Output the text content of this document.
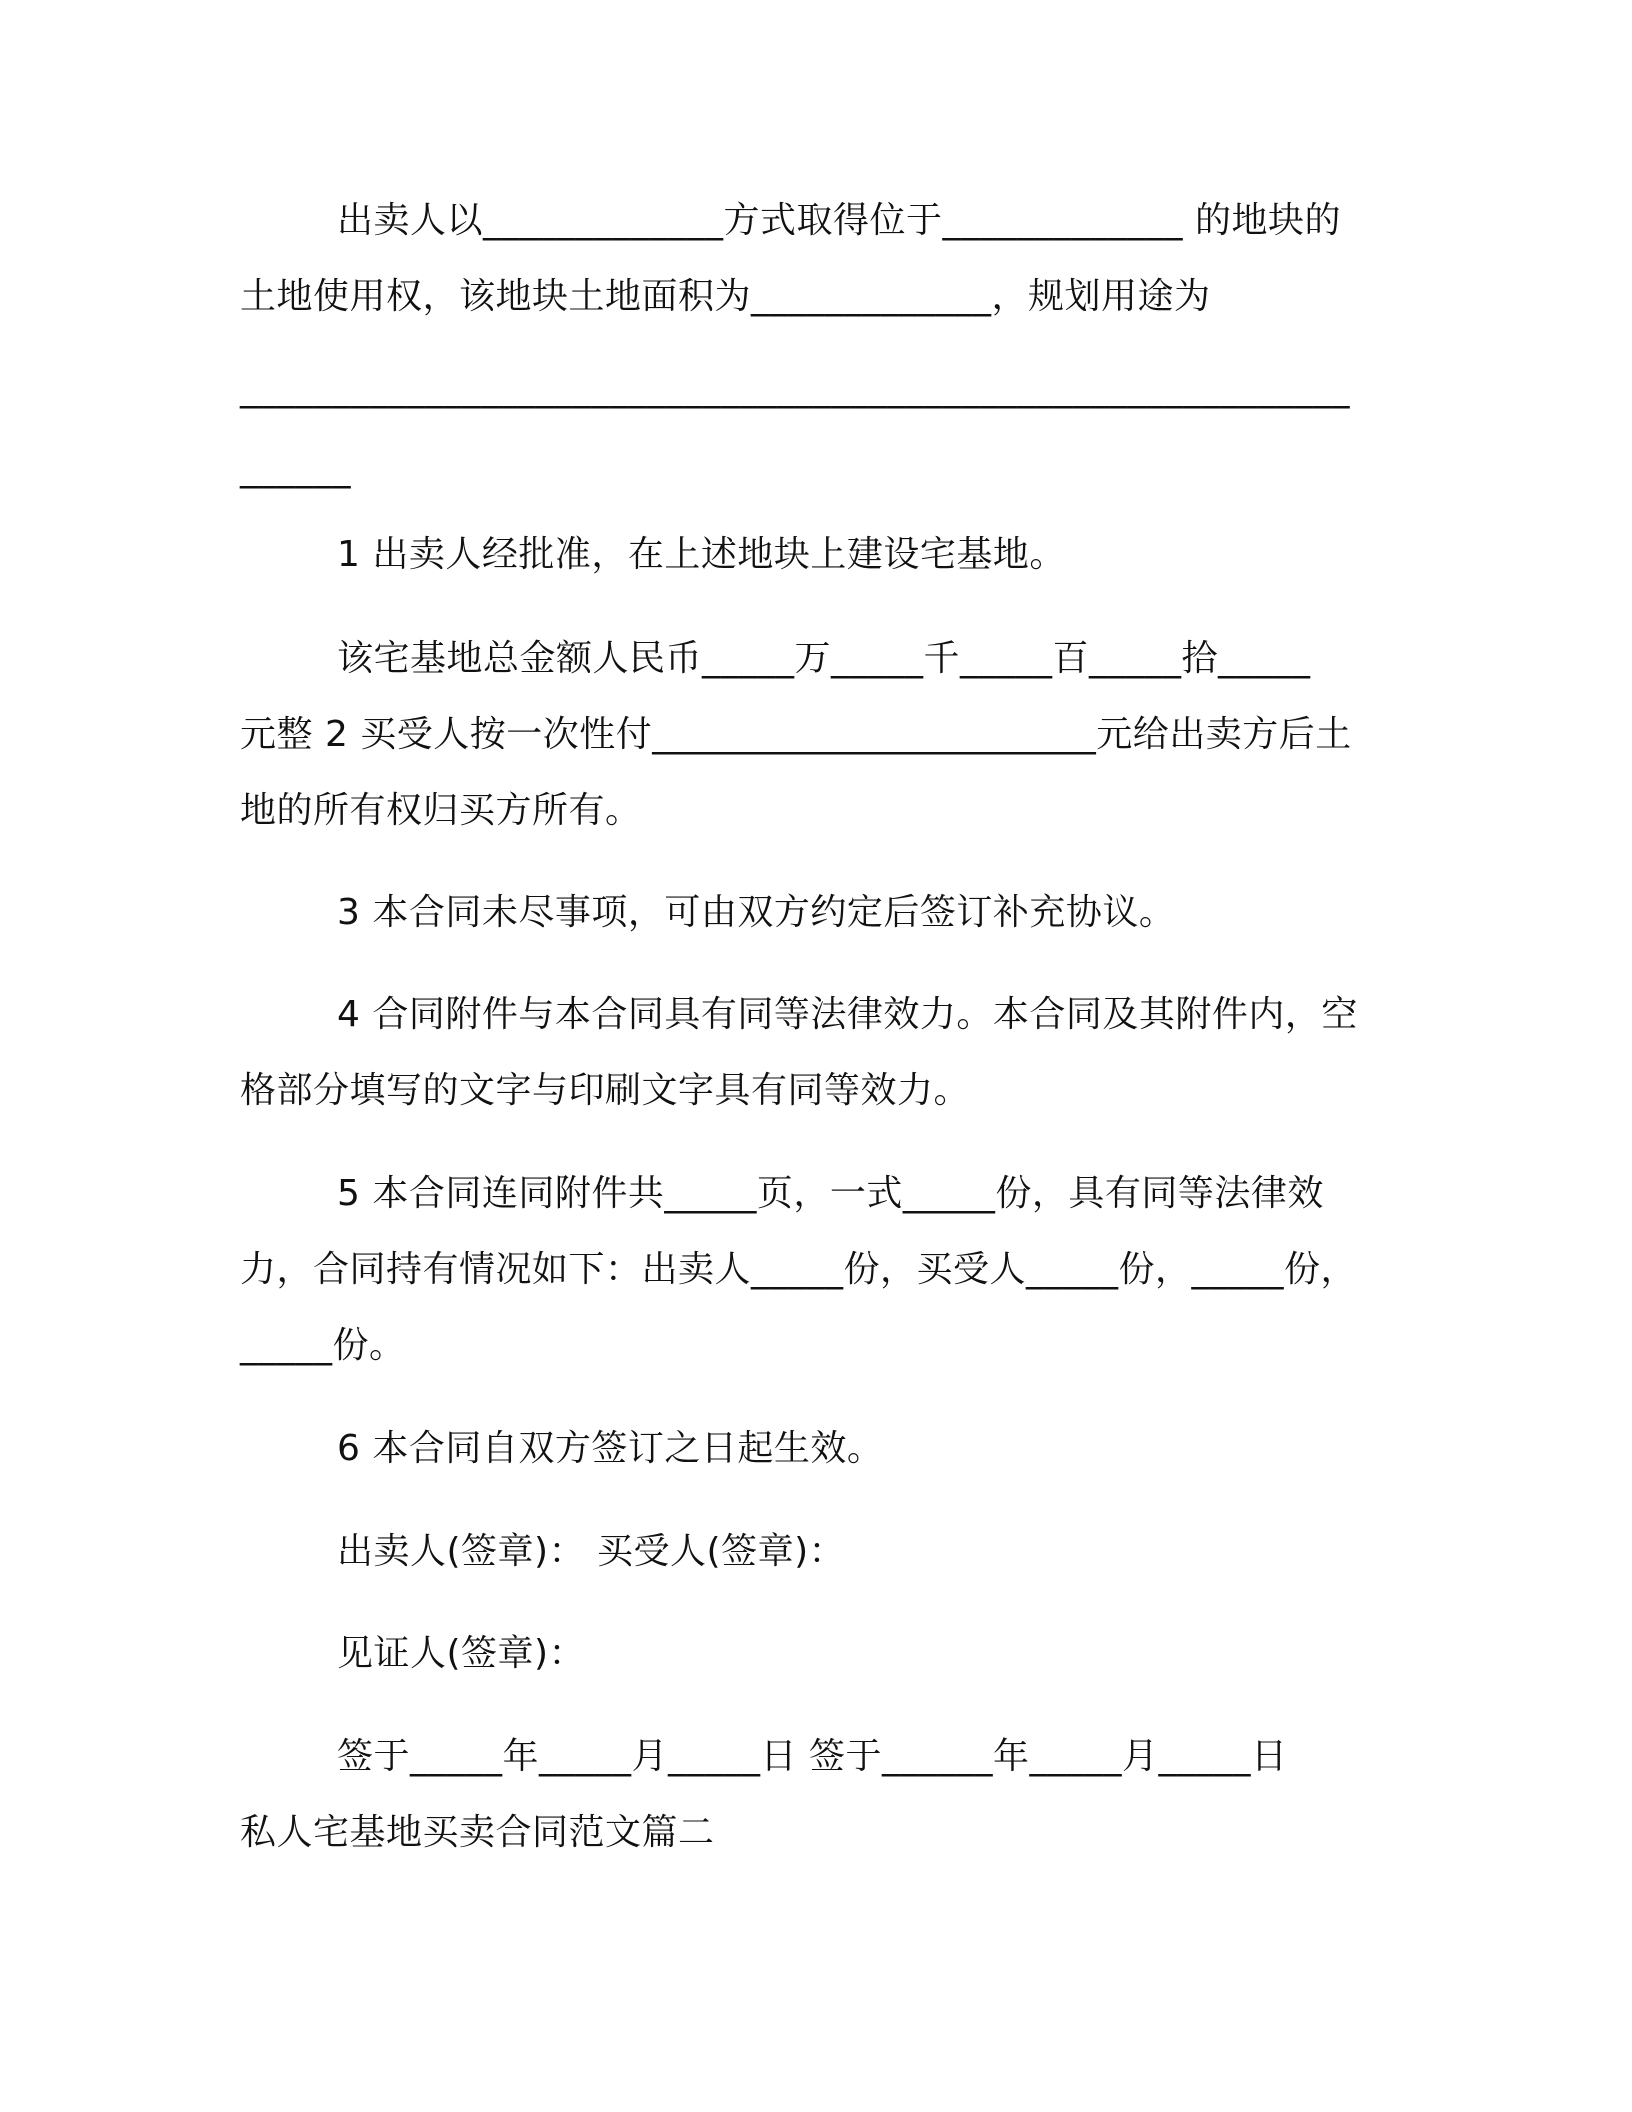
出卖人以_____________方式取得位于_____________ 的地块的
土地使用权，该地块土地面积为_____________，规划用途为
____________________________________________________________
______
1 出卖人经批准，在上述地块上建设宅基地。
该宅基地总金额人民币_____万_____千_____百_____拾_____
元整 2 买受人按一次性付________________________元给出卖方后土
地的所有权归买方所有。
3 本合同未尽事项，可由双方约定后签订补充协议。
4 合同附件与本合同具有同等法律效力。本合同及其附件内，空
格部分填写的文字与印刷文字具有同等效力。
5 本合同连同附件共_____页，一式_____份，具有同等法律效
力，合同持有情况如下：出卖人_____份，买受人_____份，_____份，
_____份。
6 本合同自双方签订之日起生效。
出卖人(签章)： 买受人(签章)：
见证人(签章)：
签于_____年_____月_____日 签于______年_____月_____日
私人宅基地买卖合同范文篇二
